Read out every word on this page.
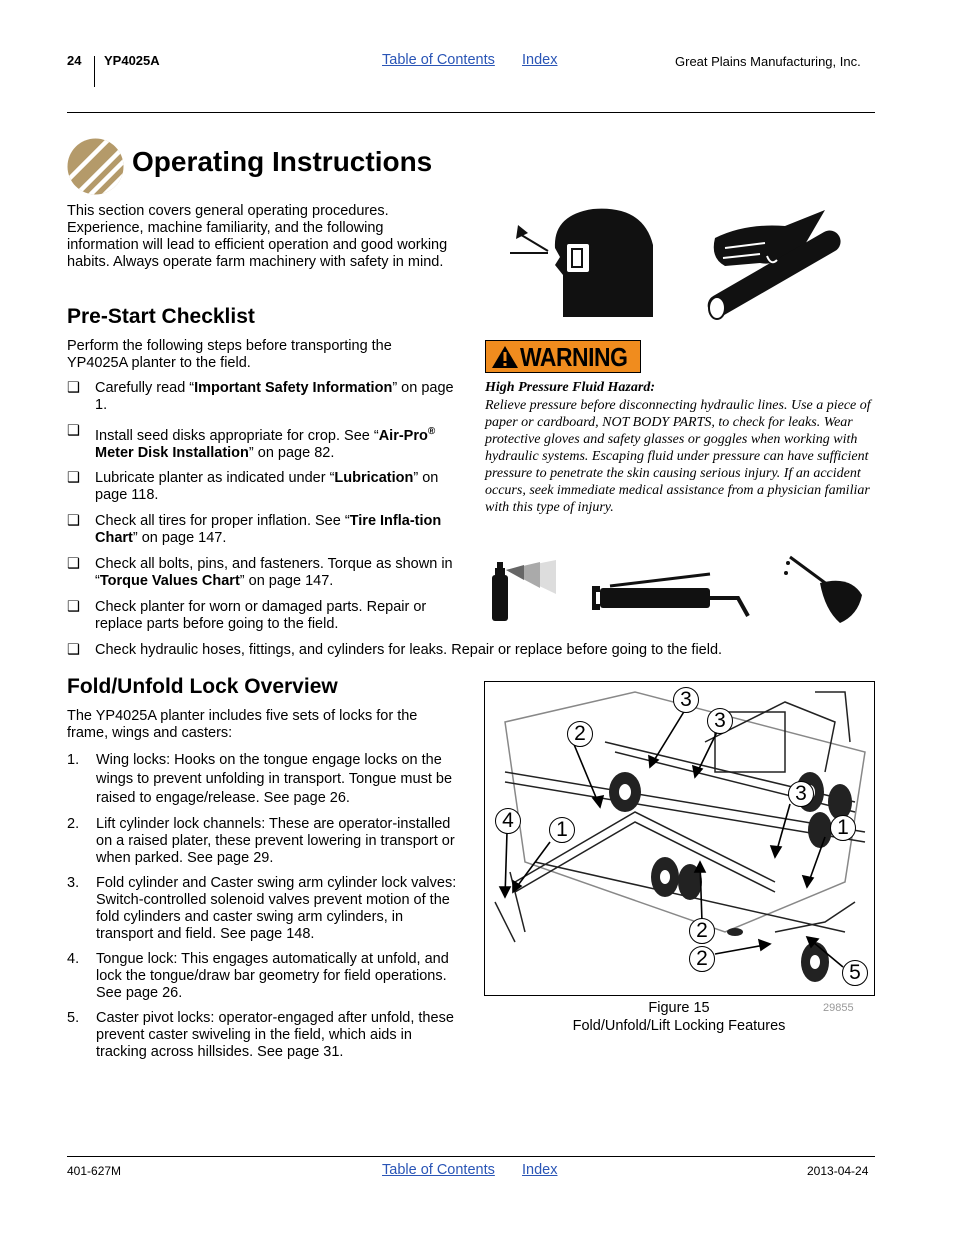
24 YP4025A	Table of Contents Index	Great Plains Manufacturing, Inc.
Operating Instructions
This section covers general operating procedures. Experience, machine familiarity, and the following information will lead to efficient operation and good working habits. Always operate farm machinery with safety in mind.
Pre-Start Checklist
Perform the following steps before transporting the YP4025A planter to the field.
❑ Carefully read “Important Safety Information” on page 1.
❑ Install seed disks appropriate for crop. See “Air-Pro® Meter Disk Installation” on page 82.
❑ Lubricate planter as indicated under “Lubrication” on page 118.
❑ Check all tires for proper inflation. See “Tire Infla-tion Chart” on page 147.
❑ Check all bolts, pins, and fasteners. Torque as shown in “Torque Values Chart” on page 147.
❑ Check planter for worn or damaged parts. Repair or replace parts before going to the field.
❑ Check hydraulic hoses, fittings, and cylinders for leaks. Repair or replace before going to the field.
WARNING
High Pressure Fluid Hazard:
Relieve pressure before disconnecting hydraulic lines. Use a piece of paper or cardboard, NOT BODY PARTS, to check for leaks. Wear protective gloves and safety glasses or goggles when working with hydraulic systems. Escaping fluid under pressure can have sufficient pressure to penetrate the skin causing serious injury. If an accident occurs, seek immediate medical assistance from a physician familiar with this type of injury.
Fold/Unfold Lock Overview
The YP4025A planter includes five sets of locks for the frame, wings and casters:
1. Wing locks: Hooks on the tongue engage locks on the wings to prevent unfolding in transport. Tongue must be raised to engage/release. See page 26.
2. Lift cylinder lock channels: These are operator-installed on a raised plater, these prevent lowering in transport or when parked. See page 29.
3. Fold cylinder and Caster swing arm cylinder lock valves: Switch-controlled solenoid valves prevent motion of the fold cylinders and caster swing arm cylinders, in transport and field. See page 148.
4. Tongue lock: This engages automatically at unfold, and lock the tongue/draw bar geometry for field operations. See page 26.
5. Caster pivot locks: operator-engaged after unfold, these prevent caster swiveling in the field, which aids in tracking across hillsides. See page 31.
3
2
3
3
4	1	1
2
2
5
Figure 15
Fold/Unfold/Lift Locking Features
29855
401-627M	Table of Contents Index	2013-04-24
